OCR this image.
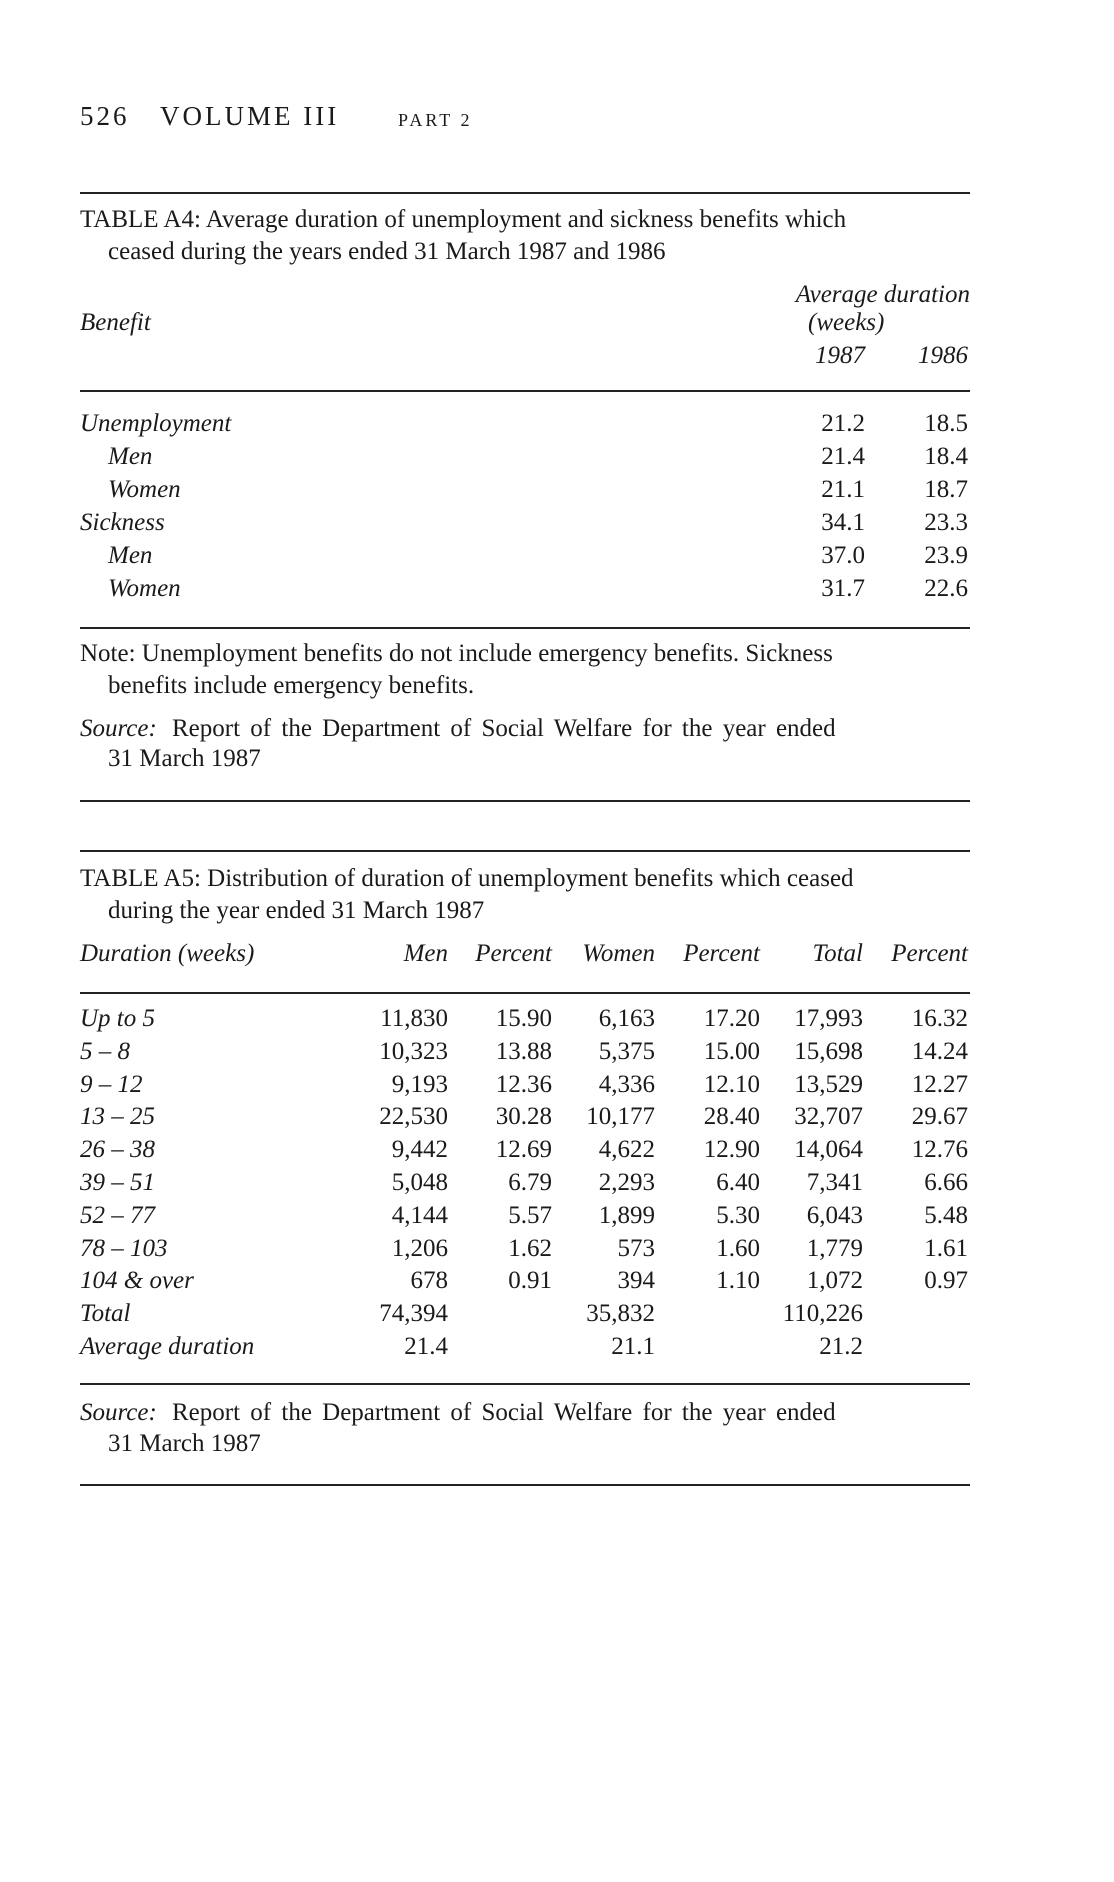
526 VOLUME III	PART 2
TABLE A4: Average duration of unemployment and sickness benefits which
ceased during the years ended 31 March 1987 and 1986
Average duration
Benefit	(weeks)
1987 1986
Unemployment	21.2 18.5
Men	21.4 18.4
Women	21.1 18.7
Sickness	34.1 23.3
Men	37.0 23.9
Women	31.7 22.6
Note: Unemployment benefits do not include emergency benefits. Sickness
benefits include emergency benefits.
Source: Report of the Department of Social Welfare for the year ended
31 March 1987
TABLE A5: Distribution of duration of unemployment benefits which ceased
during the year ended 31 March 1987
Duration (weeks)	Men Percent Women Percent Total Percent
Up to 5	11,830 15.90 6,163 17.20 17,993 16.32
5 – 8	10,323 13.88 5,375 15.00 15,698 14.24
9 – 12	9,193 12.36 4,336 12.10 13,529 12.27
13 – 25	22,530 30.28 10,177 28.40 32,707 29.67
26 – 38	9,442 12.69 4,622 12.90 14,064 12.76
39 – 51	5,048 6.79 2,293 6.40 7,341 6.66
52 – 77	4,144 5.57 1,899 5.30 6,043 5.48
78 – 103	1,206 1.62	573 1.60 1,779 1.61
104 & over	678 0.91	394 1.10 1,072 0.97
Total	74,394	35,832	110,226
Average duration	21.4	21.1	21.2
Source: Report of the Department of Social Welfare for the year ended
31 March 1987
